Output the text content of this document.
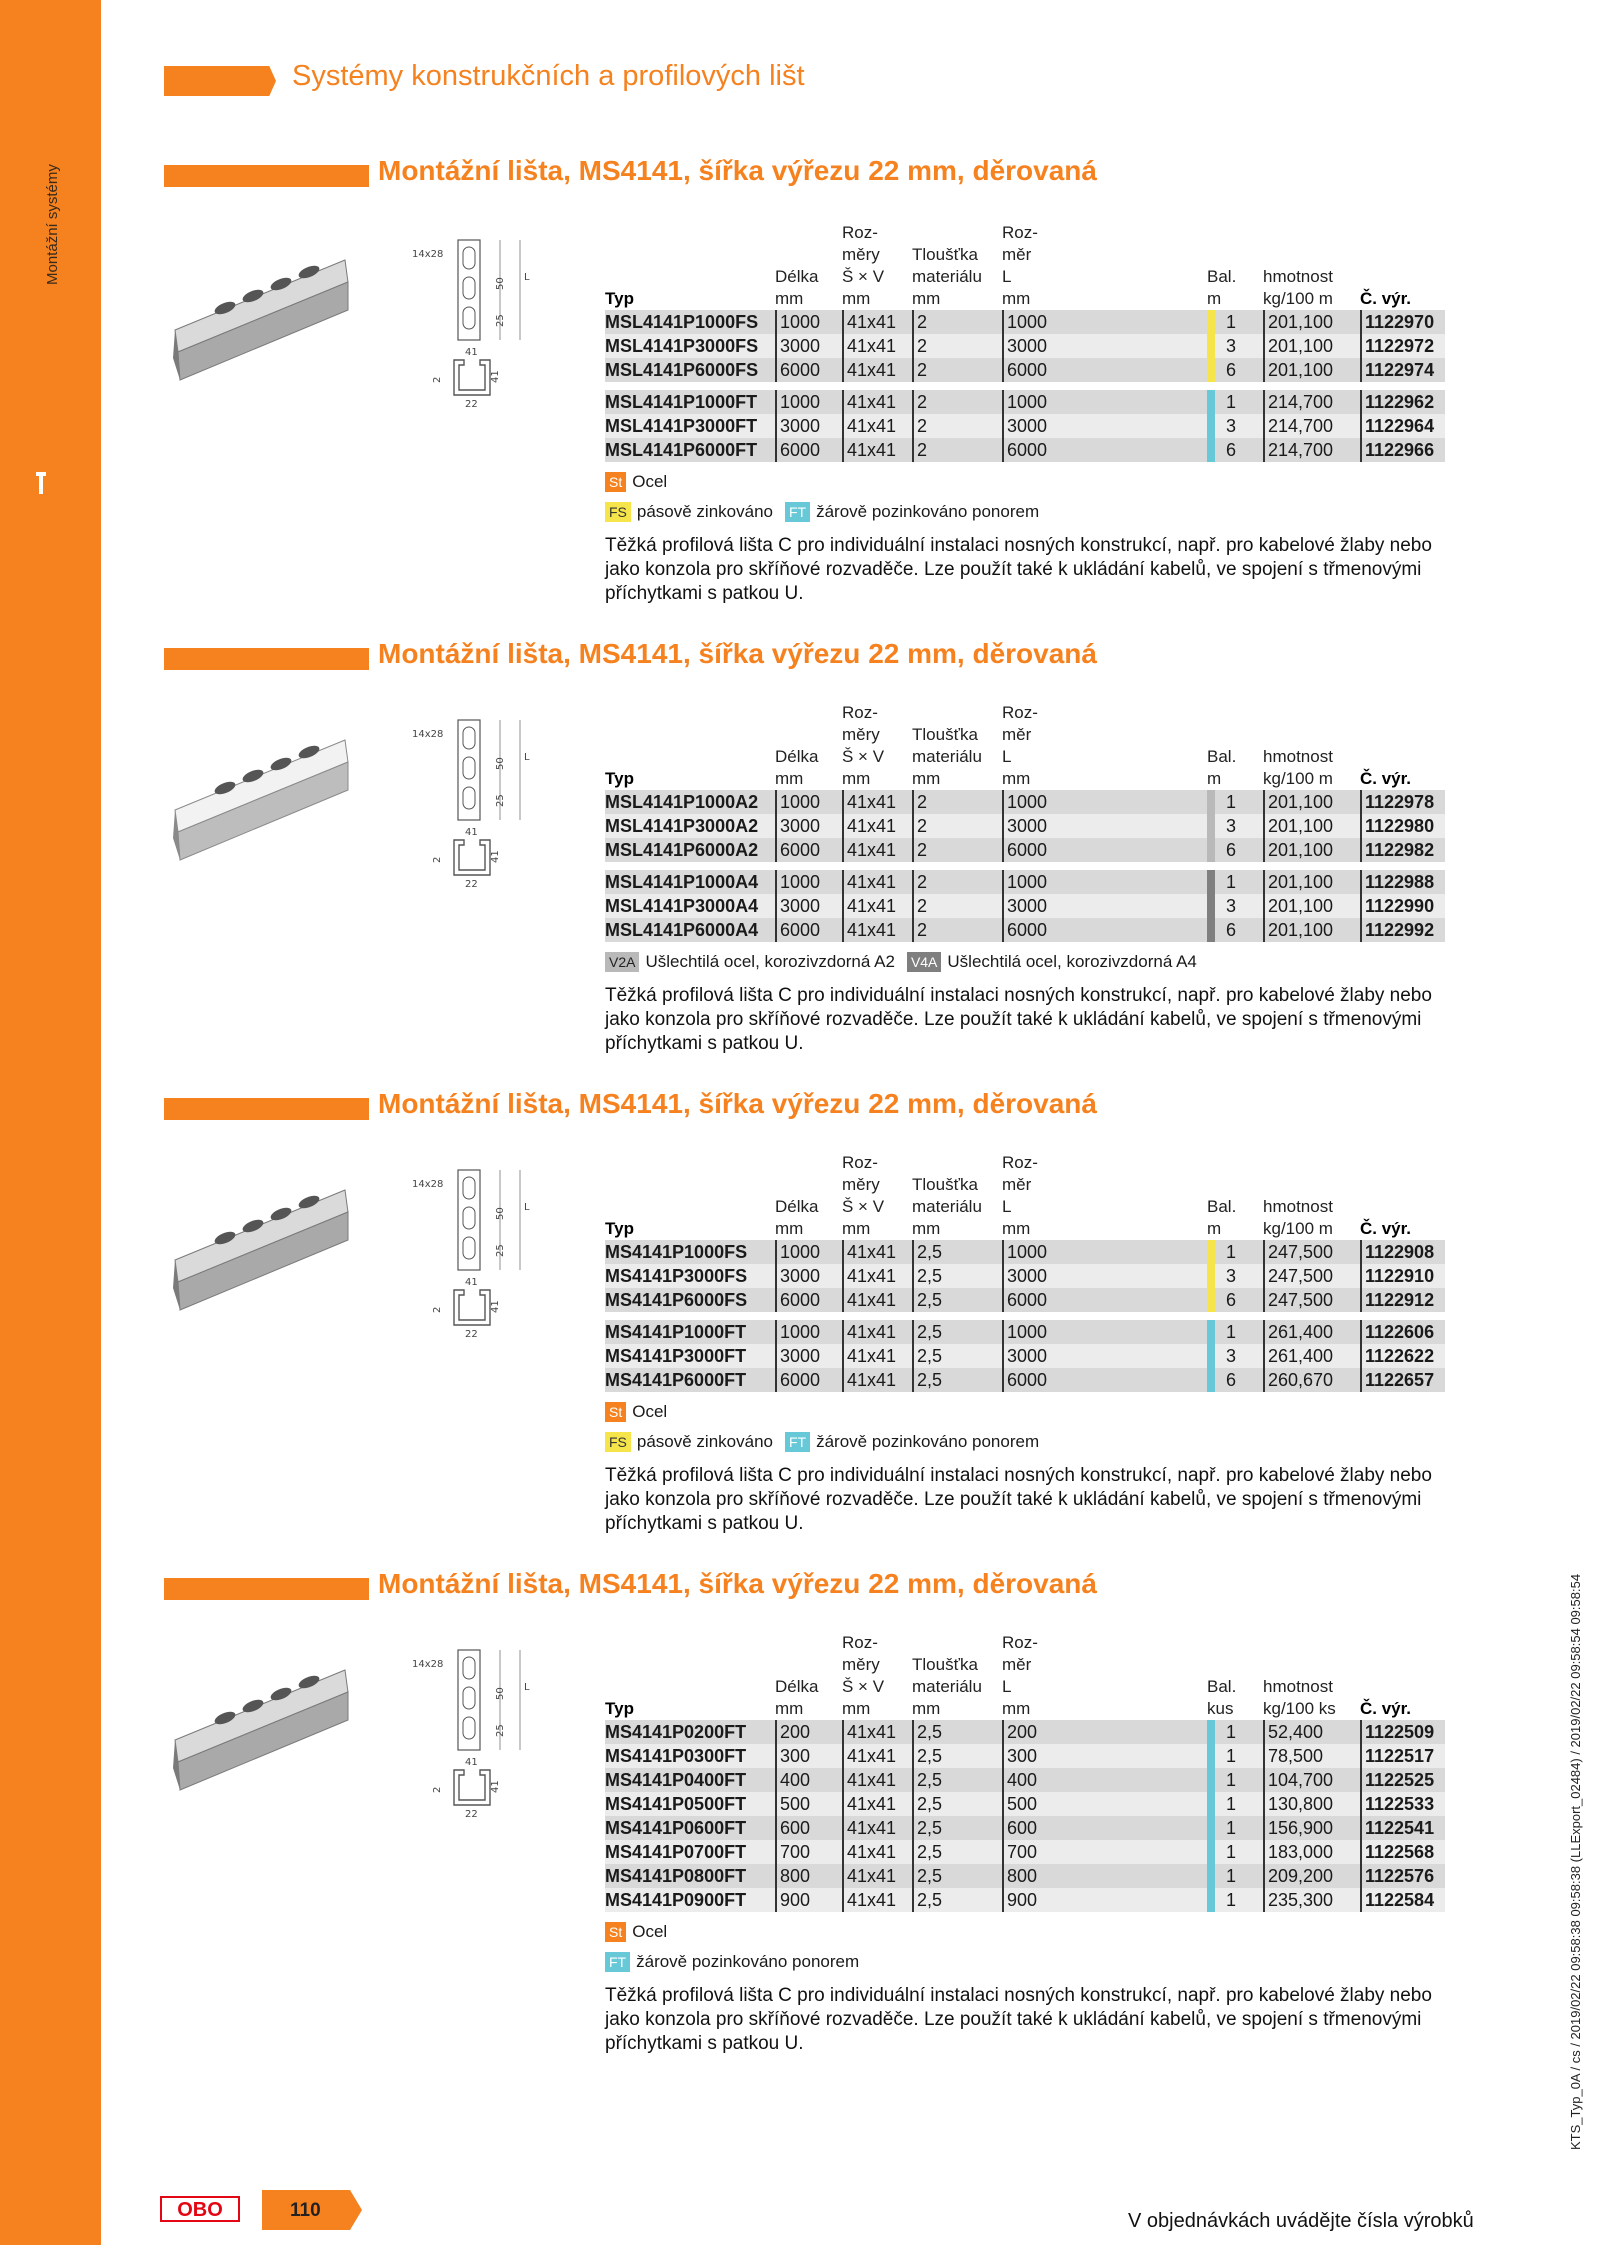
Montážní systémy
KTS_Typ_0A / cs / 2019/02/22 09:58:38 09:58:38 (LLExport_02484) / 2019/02/22 09:58:54 09:58:54
Systémy konstrukčních a profilových lišt
Montážní lišta, MS4141, šířka výřezu 22 mm, děrovaná
14x28
L
50
25
41
41
22
2

Typ

Délka
mm
Roz-
měry
Š × V
mm

Tloušťka
materiálu
mm
Roz-
měr
L
mm

Bal.
m

hmotnost
kg/100 m

	Č. výr.
MSL4141P1000FS	1000	41x41	2	1000	1	201,100	1122970
MSL4141P3000FS	3000	41x41	2	3000	3	201,100	1122972
MSL4141P6000FS	6000	41x41	2	6000	6	201,100	1122974
MSL4141P1000FT	1000	41x41	2	1000	1	214,700	1122962
MSL4141P3000FT	3000	41x41	2	3000	3	214,700	1122964
MSL4141P6000FT	6000	41x41	2	6000	6	214,700	1122966
St Ocel
FS pásově zinkováno FT žárově pozinkováno ponorem
Těžká profilová lišta C pro individuální instalaci nosných konstrukcí, např. pro kabelové žlaby nebo
jako konzola pro skříňové rozvaděče. Lze použít také k ukládání kabelů, ve spojení s třmenovými
příchytkami s patkou U.
Montážní lišta, MS4141, šířka výřezu 22 mm, děrovaná
14x28
L
50
25
41
41
22
2

Typ

Délka
mm
Roz-
měry
Š × V
mm

Tloušťka
materiálu
mm
Roz-
měr
L
mm

Bal.
m

hmotnost
kg/100 m

	Č. výr.
MSL4141P1000A2	1000	41x41	2	1000	1	201,100	1122978
MSL4141P3000A2	3000	41x41	2	3000	3	201,100	1122980
MSL4141P6000A2	6000	41x41	2	6000	6	201,100	1122982
MSL4141P1000A4	1000	41x41	2	1000	1	201,100	1122988
MSL4141P3000A4	3000	41x41	2	3000	3	201,100	1122990
MSL4141P6000A4	6000	41x41	2	6000	6	201,100	1122992
V2A Ušlechtilá ocel, korozivzdorná A2 V4A Ušlechtilá ocel, korozivzdorná A4
Těžká profilová lišta C pro individuální instalaci nosných konstrukcí, např. pro kabelové žlaby nebo
jako konzola pro skříňové rozvaděče. Lze použít také k ukládání kabelů, ve spojení s třmenovými
příchytkami s patkou U.
Montážní lišta, MS4141, šířka výřezu 22 mm, děrovaná
14x28
L
50
25
41
41
22
2

Typ

Délka
mm
Roz-
měry
Š × V
mm

Tloušťka
materiálu
mm
Roz-
měr
L
mm

Bal.
m

hmotnost
kg/100 m

	Č. výr.
MS4141P1000FS	1000	41x41	2,5	1000	1	247,500	1122908
MS4141P3000FS	3000	41x41	2,5	3000	3	247,500	1122910
MS4141P6000FS	6000	41x41	2,5	6000	6	247,500	1122912
MS4141P1000FT	1000	41x41	2,5	1000	1	261,400	1122606
MS4141P3000FT	3000	41x41	2,5	3000	3	261,400	1122622
MS4141P6000FT	6000	41x41	2,5	6000	6	260,670	1122657
St Ocel
FS pásově zinkováno FT žárově pozinkováno ponorem
Těžká profilová lišta C pro individuální instalaci nosných konstrukcí, např. pro kabelové žlaby nebo
jako konzola pro skříňové rozvaděče. Lze použít také k ukládání kabelů, ve spojení s třmenovými
příchytkami s patkou U.
Montážní lišta, MS4141, šířka výřezu 22 mm, děrovaná
14x28
L
50
25
41
41
22
2

Typ

Délka
mm
Roz-
měry
Š × V
mm

Tloušťka
materiálu
mm
Roz-
měr
L
mm

Bal.
kus

hmotnost
kg/100 ks

	Č. výr.
MS4141P0200FT	200	41x41	2,5	200	1	52,400	1122509
MS4141P0300FT	300	41x41	2,5	300	1	78,500	1122517
MS4141P0400FT	400	41x41	2,5	400	1	104,700	1122525
MS4141P0500FT	500	41x41	2,5	500	1	130,800	1122533
MS4141P0600FT	600	41x41	2,5	600	1	156,900	1122541
MS4141P0700FT	700	41x41	2,5	700	1	183,000	1122568
MS4141P0800FT	800	41x41	2,5	800	1	209,200	1122576
MS4141P0900FT	900	41x41	2,5	900	1	235,300	1122584
St Ocel
FT žárově pozinkováno ponorem
Těžká profilová lišta C pro individuální instalaci nosných konstrukcí, např. pro kabelové žlaby nebo
jako konzola pro skříňové rozvaděče. Lze použít také k ukládání kabelů, ve spojení s třmenovými
příchytkami s patkou U.
OBO	110	V objednávkách uvádějte čísla výrobků
